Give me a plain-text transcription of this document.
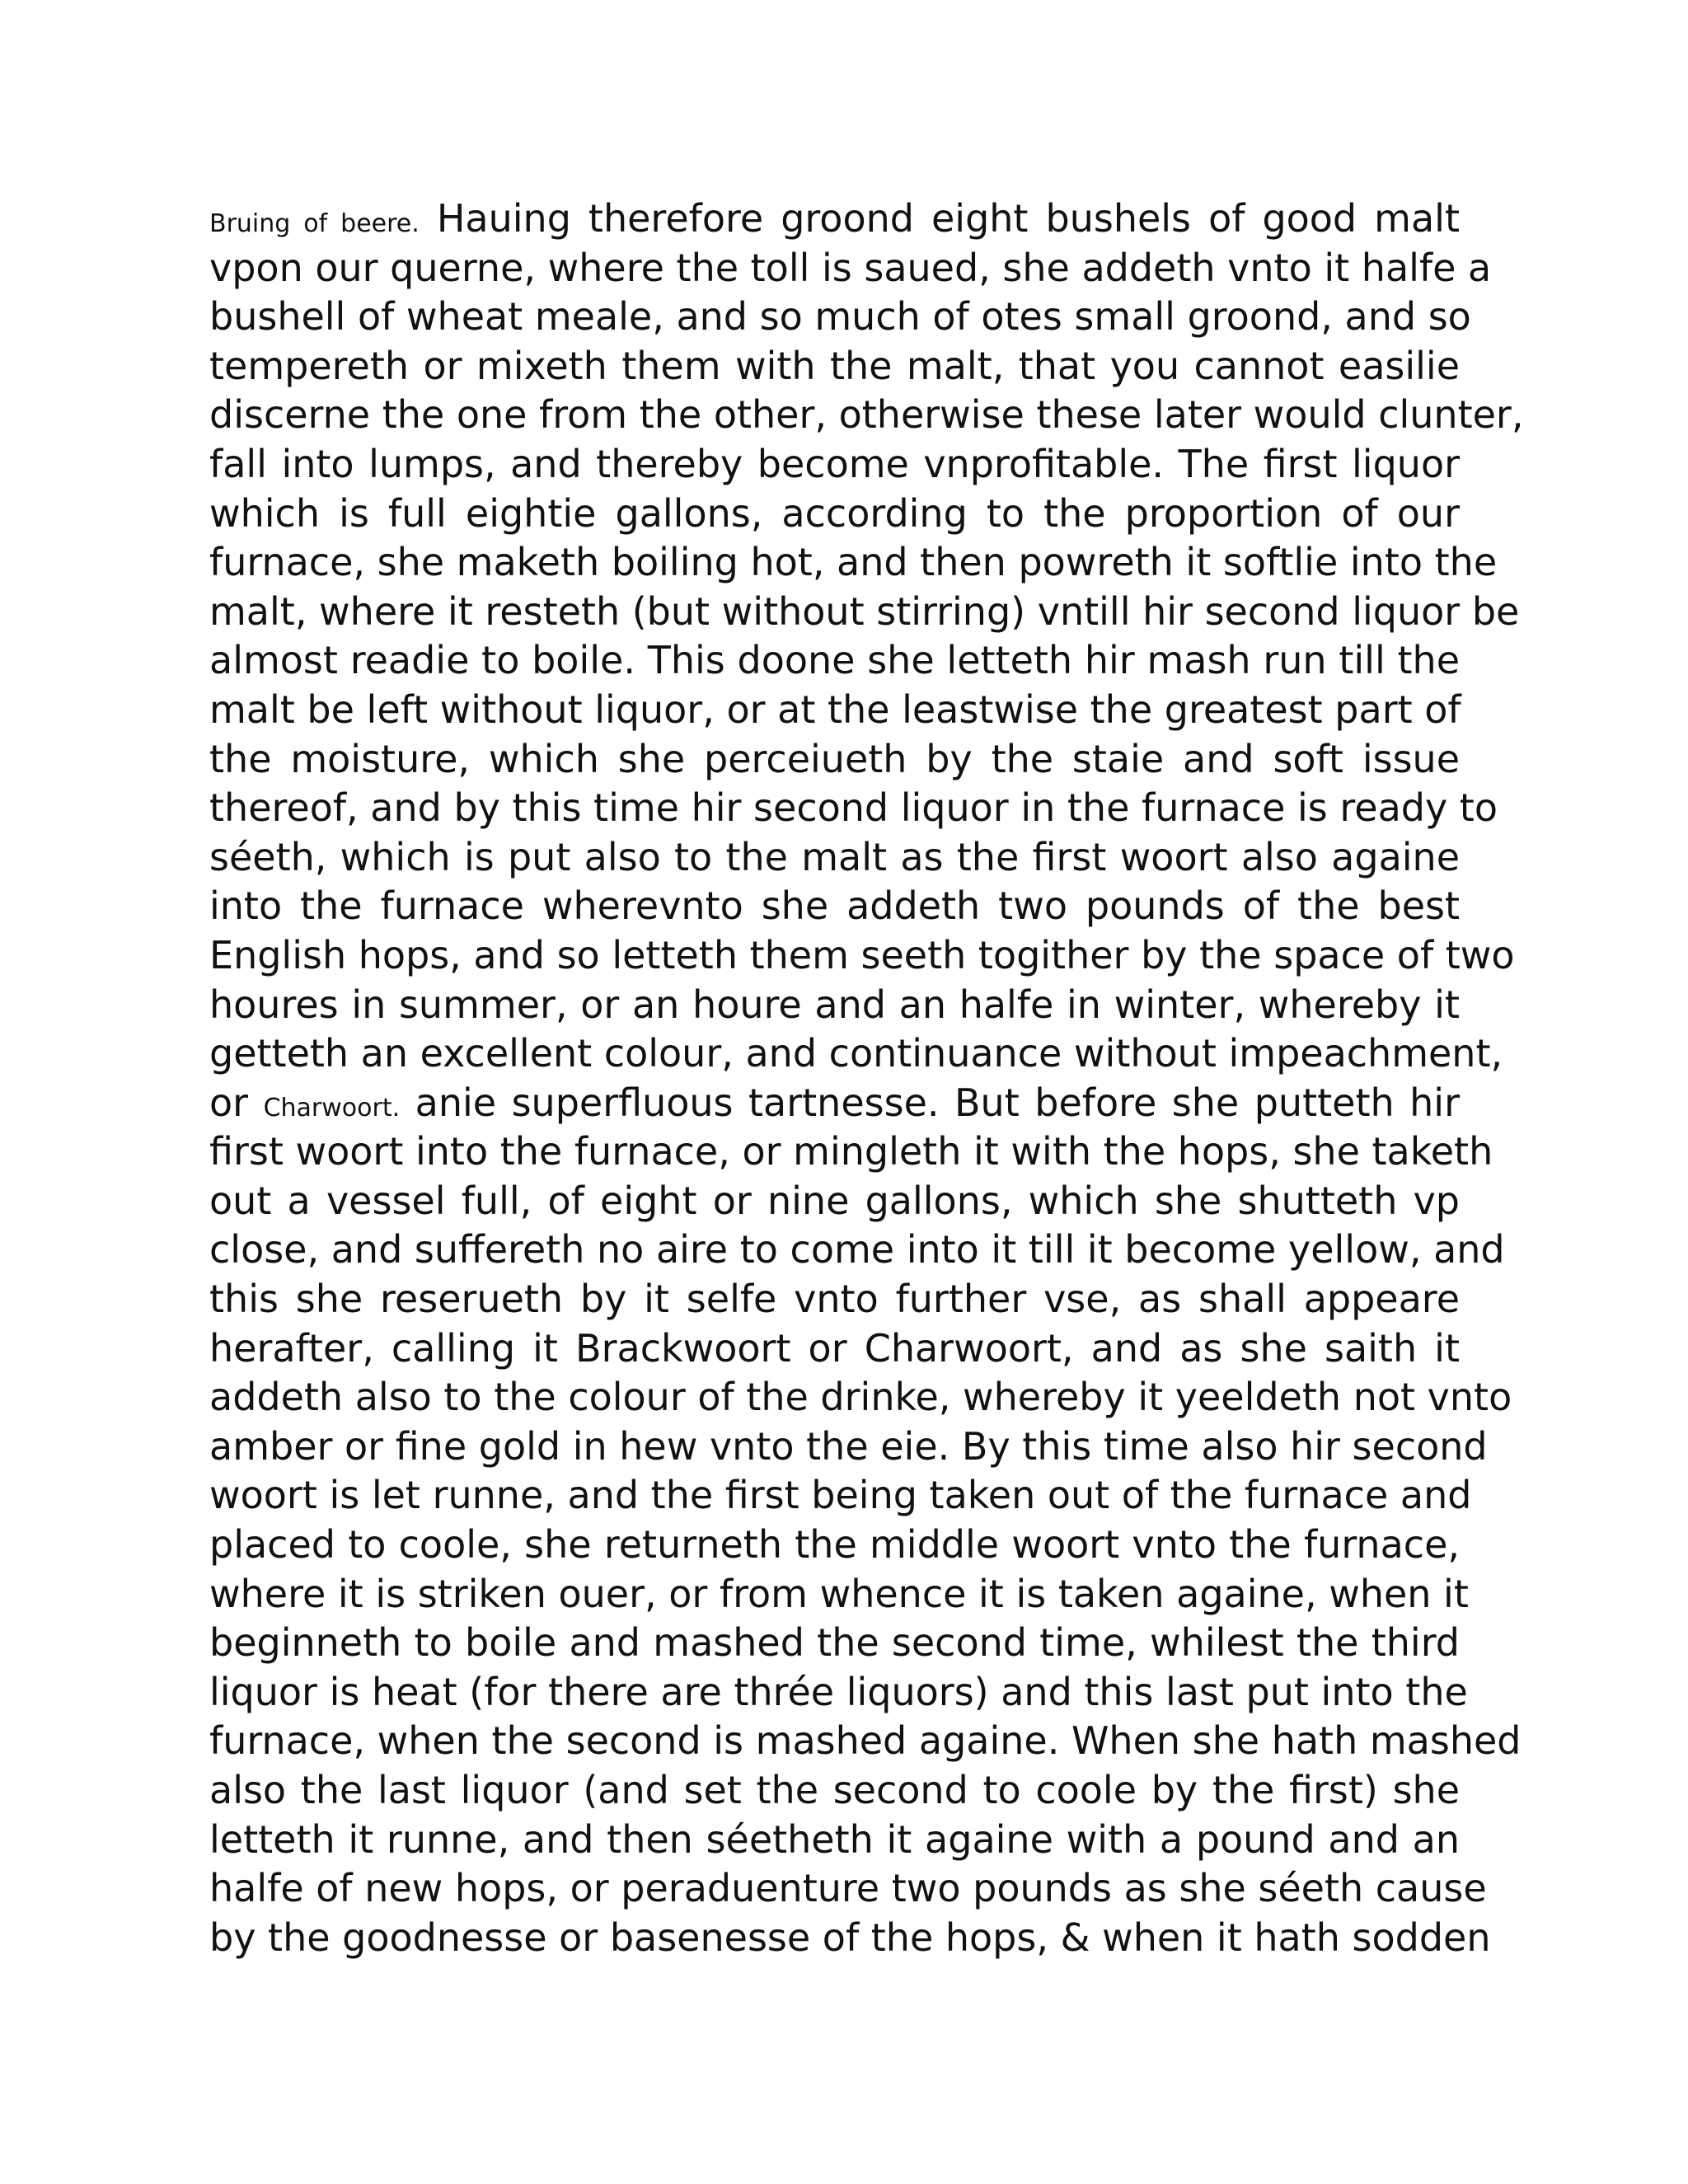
Bruing of beere. Hauing therefore groond eight bushels of good malt
vpon our querne, where the toll is saued, she addeth vnto it halfe a
bushell of wheat meale, and so much of otes small groond, and so
tempereth or mixeth them with the malt, that you cannot easilie
discerne the one from the other, otherwise these later would clunter,
fall into lumps, and thereby become vnprofitable. The first liquor
which is full eightie gallons, according to the proportion of our
furnace, she maketh boiling hot, and then powreth it softlie into the
malt, where it resteth (but without stirring) vntill hir second liquor be
almost readie to boile. This doone she letteth hir mash run till the
malt be left without liquor, or at the leastwise the greatest part of
the moisture, which she perceiueth by the staie and soft issue
thereof, and by this time hir second liquor in the furnace is ready to
séeth, which is put also to the malt as the first woort also againe
into the furnace wherevnto she addeth two pounds of the best
English hops, and so letteth them seeth togither by the space of two
houres in summer, or an houre and an halfe in winter, whereby it
getteth an excellent colour, and continuance without impeachment,
or Charwoort. anie superfluous tartnesse. But before she putteth hir
first woort into the furnace, or mingleth it with the hops, she taketh
out a vessel full, of eight or nine gallons, which she shutteth vp
close, and suffereth no aire to come into it till it become yellow, and
this she reserueth by it selfe vnto further vse, as shall appeare
herafter, calling it Brackwoort or Charwoort, and as she saith it
addeth also to the colour of the drinke, whereby it yeeldeth not vnto
amber or fine gold in hew vnto the eie. By this time also hir second
woort is let runne, and the first being taken out of the furnace and
placed to coole, she returneth the middle woort vnto the furnace,
where it is striken ouer, or from whence it is taken againe, when it
beginneth to boile and mashed the second time, whilest the third
liquor is heat (for there are thrée liquors) and this last put into the
furnace, when the second is mashed againe. When she hath mashed
also the last liquor (and set the second to coole by the first) she
letteth it runne, and then séetheth it againe with a pound and an
halfe of new hops, or peraduenture two pounds as she séeth cause
by the goodnesse or basenesse of the hops, & when it hath sodden
